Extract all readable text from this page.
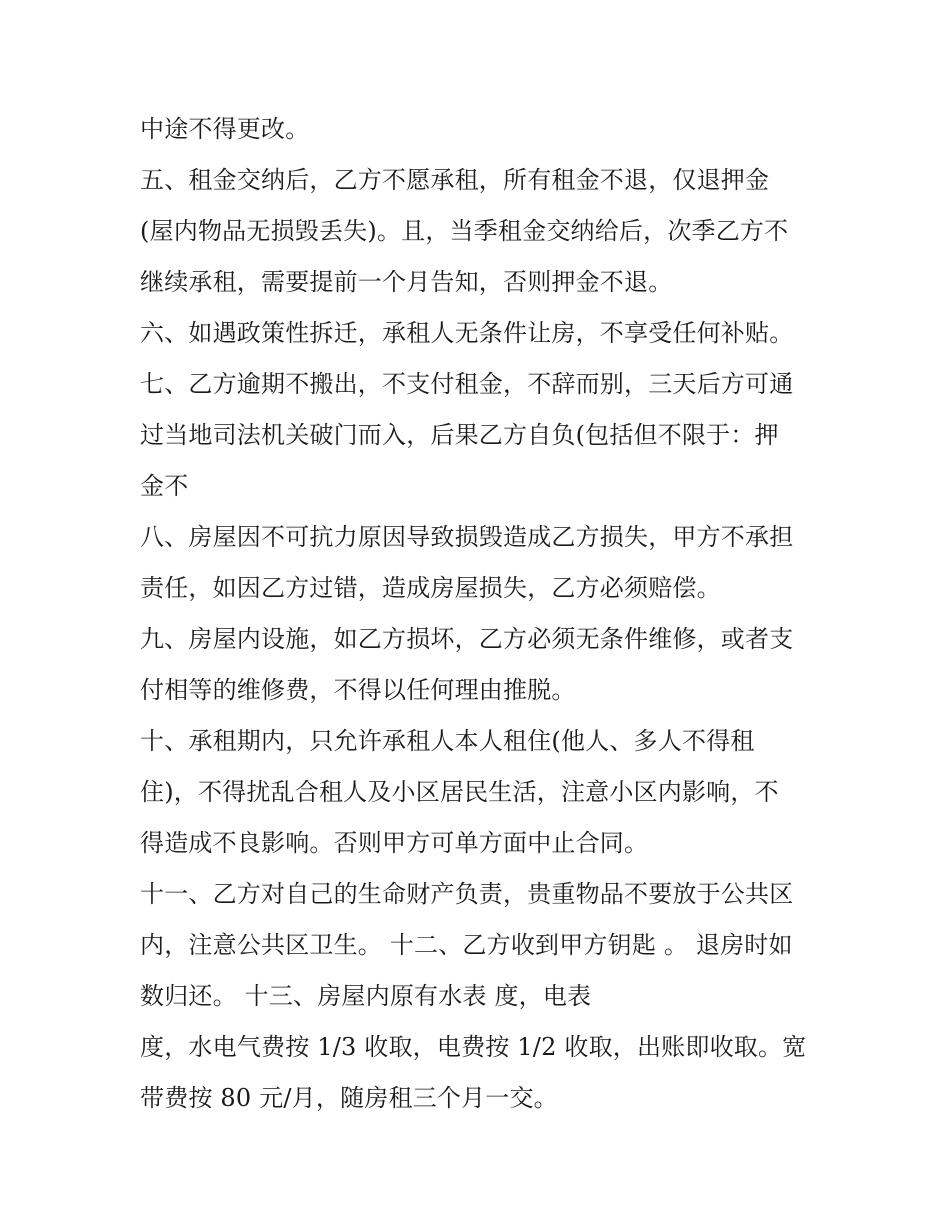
中途不得更改。
五、租金交纳后，乙方不愿承租，所有租金不退，仅退押金
(屋内物品无损毁丢失)。且，当季租金交纳给后，次季乙方不
继续承租，需要提前一个月告知，否则押金不退。
六、如遇政策性拆迁，承租人无条件让房，不享受任何补贴。
七、乙方逾期不搬出，不支付租金，不辞而别，三天后方可通
过当地司法机关破门而入，后果乙方自负(包括但不限于：押
金不
八、房屋因不可抗力原因导致损毁造成乙方损失，甲方不承担
责任，如因乙方过错，造成房屋损失，乙方必须赔偿。
九、房屋内设施，如乙方损坏，乙方必须无条件维修，或者支
付相等的维修费，不得以任何理由推脱。
十、承租期内，只允许承租人本人租住(他人、多人不得租
住)，不得扰乱合租人及小区居民生活，注意小区内影响，不
得造成不良影响。否则甲方可单方面中止合同。
十一、乙方对自己的生命财产负责，贵重物品不要放于公共区
内，注意公共区卫生。 十二、乙方收到甲方钥匙 。 退房时如
数归还。 十三、房屋内原有水表 度，电表
度，水电气费按 1/3 收取，电费按 1/2 收取，出账即收取。宽
带费按 80 元/月，随房租三个月一交。
